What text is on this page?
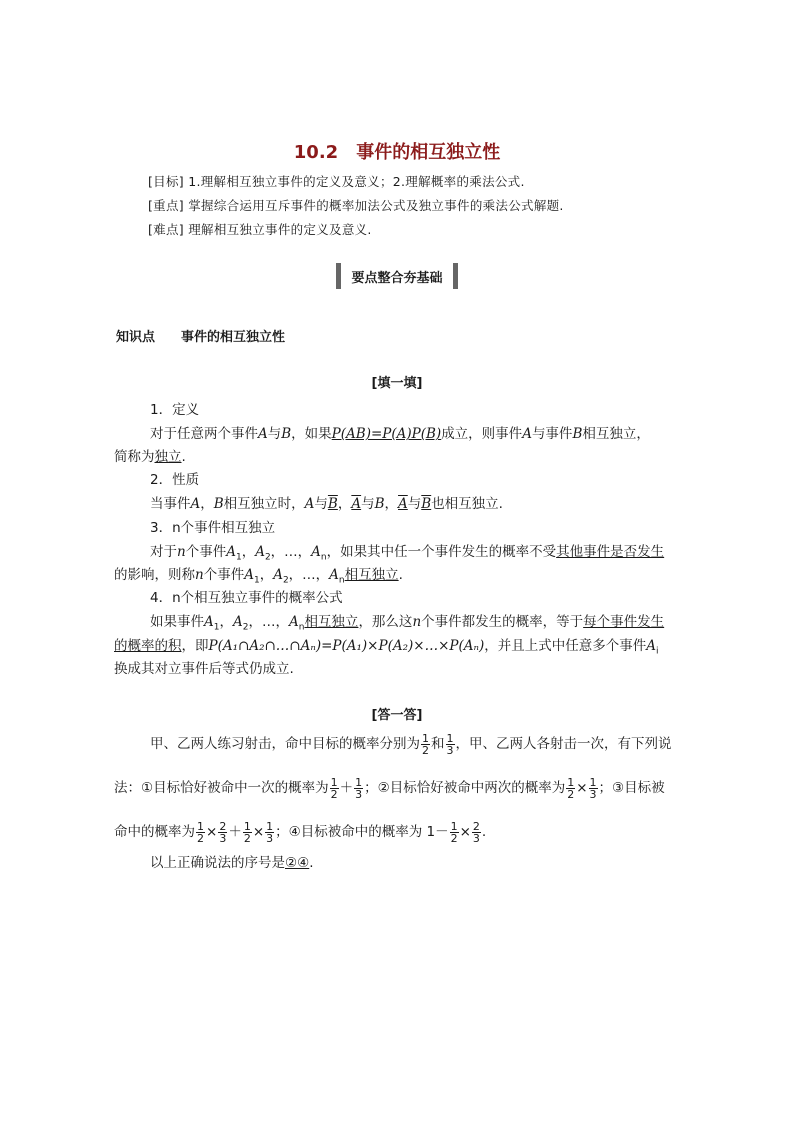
10.2　事件的相互独立性
[目标] 1.理解相互独立事件的定义及意义；2.理解概率的乘法公式.
[重点] 掌握综合运用互斥事件的概率加法公式及独立事件的乘法公式解题.
[难点] 理解相互独立事件的定义及意义.
要点整合夯基础
知识点 事件的相互独立性
[填一填]
1．定义
对于任意两个事件A与B，如果P(AB)=P(A)P(B)成立，则事件A与事件B相互独立，
简称为独立.
2．性质
当事件A，B相互独立时，A与B，A与B，A与B也相互独立.
3．n个事件相互独立
对于n个事件$A_1$，$A_2$，…，$A_n$，如果其中任一个事件发生的概率不受其他事件是否发生
的影响，则称n个事件$A_1$，$A_2$，…，$A_n$相互独立.
4．n个相互独立事件的概率公式
如果事件$A_1$，$A_2$，…，$A_n$相互独立，那么这n个事件都发生的概率，等于每个事件发生
的概率的积，即P(A₁∩A₂∩…∩Aₙ)=P(A₁)×P(A₂)×…×P(Aₙ)，并且上式中任意多个事件$A_i$
换成其对立事件后等式仍成立.
[答一答]
甲、乙两人练习射击，命中目标的概率分别为 $\frac{1}{2}$ 和 $\frac{1}{3}$ ，甲、乙两人各射击一次，有下列说
法：①目标恰好被命中一次的概率为 $\frac{1}{2} + \frac{1}{3}$ ；②目标恰好被命中两次的概率为 $\frac{1}{2} \times \frac{1}{3}$ ；③目标被
命中的概率为 $\frac{1}{2} \times \frac{2}{3} + \frac{1}{2} \times \frac{1}{3}$ ；④目标被命中的概率为 $1- \frac{1}{2} \times \frac{2}{3}$ .
以上正确说法的序号是②④.
